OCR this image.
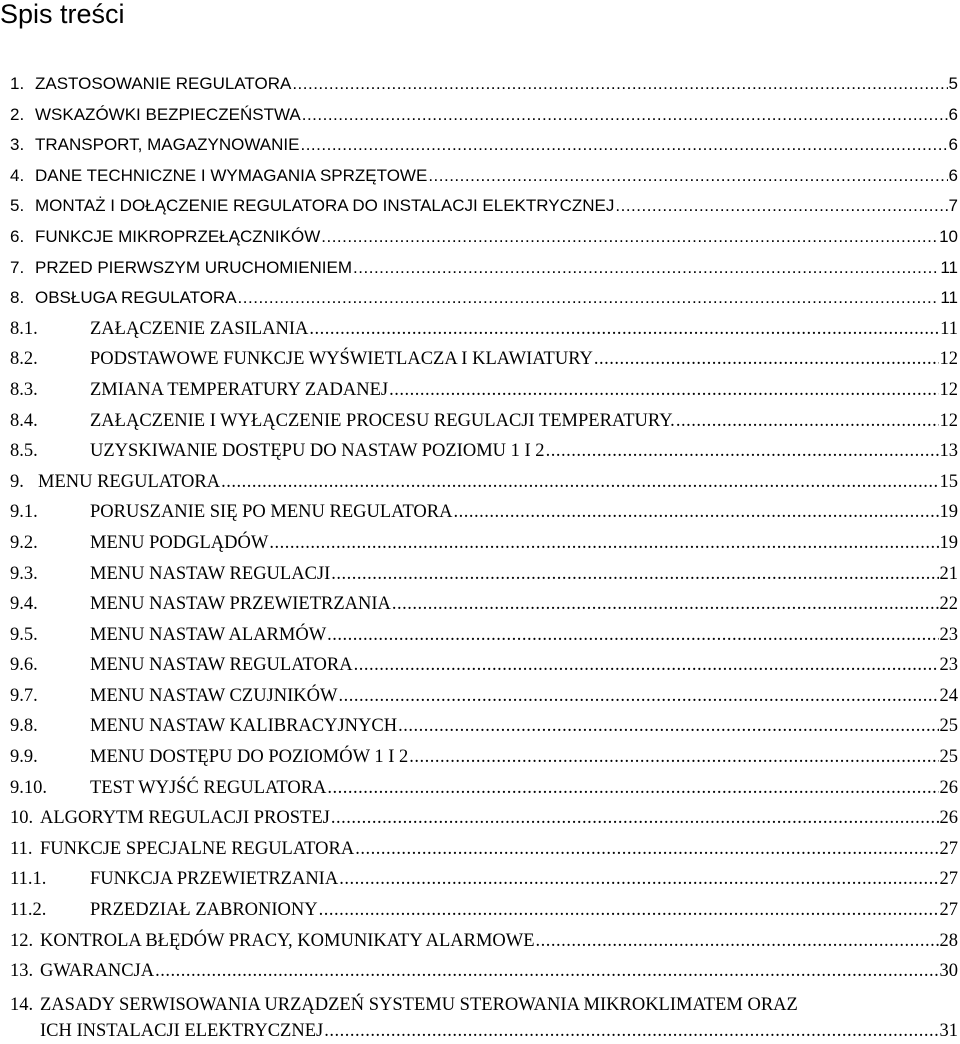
Spis treści
1. ZASTOSOWANIE REGULATORA .....	5
2. WSKAZÓWKI BEZPIECZEŃSTWA .....	6
3. TRANSPORT, MAGAZYNOWANIE .....	6
4. DANE TECHNICZNE I WYMAGANIA SPRZĘTOWE .....	6
5. MONTAŻ I DOŁĄCZENIE REGULATORA DO INSTALACJI ELEKTRYCZNEJ .....	7
6. FUNKCJE MIKROPRZEŁĄCZNIKÓW .....	10
7. PRZED PIERWSZYM URUCHOMIENIEM .....	11
8. OBSŁUGA REGULATORA .....	11
8.1.	ZAŁĄCZENIE ZASILANIA .....	11
8.2.	PODSTAWOWE FUNKCJE WYŚWIETLACZA I KLAWIATURY .....	12
8.3.	ZMIANA TEMPERATURY ZADANEJ .....	12
8.4.	ZAŁĄCZENIE I WYŁĄCZENIE PROCESU REGULACJI TEMPERATURY. .....	12
8.5.	UZYSKIWANIE DOSTĘPU DO NASTAW POZIOMU 1 I 2 .....	13
9. MENU REGULATORA .....	15
9.1.	PORUSZANIE SIĘ PO MENU REGULATORA .....	19
9.2.	MENU PODGLĄDÓW .....	19
9.3.	MENU NASTAW REGULACJI .....	21
9.4.	MENU NASTAW PRZEWIETRZANIA .....	22
9.5.	MENU NASTAW ALARMÓW .....	23
9.6.	MENU NASTAW REGULATORA .....	23
9.7.	MENU NASTAW CZUJNIKÓW .....	24
9.8.	MENU NASTAW KALIBRACYJNYCH .....	25
9.9.	MENU DOSTĘPU DO POZIOMÓW 1 I 2 .....	25
9.10.	TEST WYJŚĆ REGULATORA .....	26
10. ALGORYTM REGULACJI PROSTEJ .....	26
11. FUNKCJE SPECJALNE REGULATORA .....	27
11.1.	FUNKCJA PRZEWIETRZANIA .....	27
11.2.	PRZEDZIAŁ ZABRONIONY .....	27
12. KONTROLA BŁĘDÓW PRACY, KOMUNIKATY ALARMOWE .....	28
13. GWARANCJA .....	30
14. ZASADY SERWISOWANIA URZĄDZEŃ SYSTEMU STEROWANIA MIKROKLIMATEM ORAZ
ICH INSTALACJI ELEKTRYCZNEJ .....	31
